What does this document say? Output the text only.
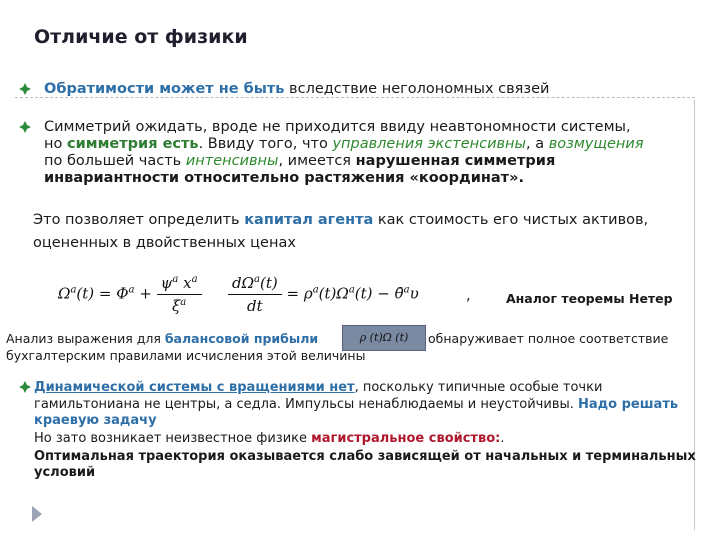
Отличие от физики
Обратимости может не быть вследствие неголономных связей
Симметрий ожидать, вроде не приходится ввиду неавтономности системы,
но симметрия есть. Ввиду того, что управления экстенсивны, а возмущения
по большей часть интенсивны, имеется нарушенная симметрия
инвариантности относительно растяжения «координат».
Это позволяет определить капитал агента как стоимость его чистых активов,
оцененных в двойственных ценах
$\Omega^a(t) = \Phi^a + \frac{\psi^a x^a}{\xi^a} \frac{d\Omega^a(t)}{dt} = \rho^a(t)\Omega^a(t)$ − θ̄$^a$υ	,	Аналог теоремы Нетер
Анализ выражения для балансовой прибыли	ρ (t)Ω (t)	обнаруживает полное соответствие
бухгалтерским правилами исчисления этой величины
Динамической системы с вращениями нет, поскольку типичные особые точки
гамильтониана не центры, а седла. Импульсы ненаблюдаемы и неустойчивы. Надо решать
краевую задачу
Но зато возникает неизвестное физике магистральное свойство:.
Оптимальная траектория оказывается слабо зависящей от начальных и терминальных
условий
